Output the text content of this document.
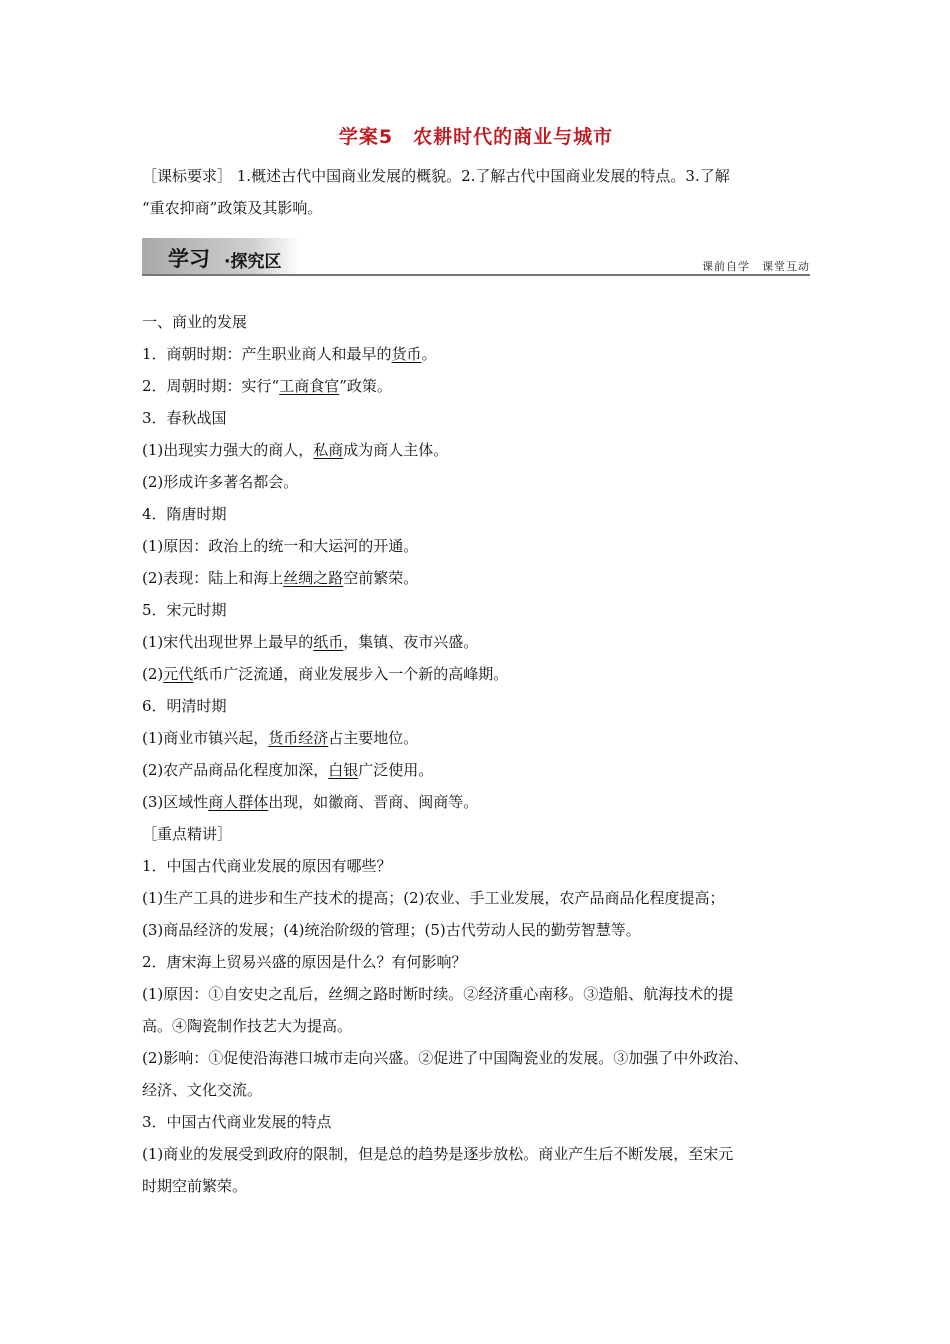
学案5　农耕时代的商业与城市
［课标要求］ 1.概述古代中国商业发展的概貌。2.了解古代中国商业发展的特点。3.了解
“重农抑商”政策及其影响。
学习 ·探究区	课前自学　课堂互动
一、商业的发展
1．商朝时期：产生职业商人和最早的货币。
2．周朝时期：实行“工商食官”政策。
3．春秋战国
(1)出现实力强大的商人，私商成为商人主体。
(2)形成许多著名都会。
4．隋唐时期
(1)原因：政治上的统一和大运河的开通。
(2)表现：陆上和海上丝绸之路空前繁荣。
5．宋元时期
(1)宋代出现世界上最早的纸币，集镇、夜市兴盛。
(2)元代纸币广泛流通，商业发展步入一个新的高峰期。
6．明清时期
(1)商业市镇兴起，货币经济占主要地位。
(2)农产品商品化程度加深，白银广泛使用。
(3)区域性商人群体出现，如徽商、晋商、闽商等。
［重点精讲］
1．中国古代商业发展的原因有哪些？
(1)生产工具的进步和生产技术的提高；(2)农业、手工业发展，农产品商品化程度提高；
(3)商品经济的发展；(4)统治阶级的管理；(5)古代劳动人民的勤劳智慧等。
2．唐宋海上贸易兴盛的原因是什么？有何影响？
(1)原因：①自安史之乱后，丝绸之路时断时续。②经济重心南移。③造船、航海技术的提
高。④陶瓷制作技艺大为提高。
(2)影响：①促使沿海港口城市走向兴盛。②促进了中国陶瓷业的发展。③加强了中外政治、
经济、文化交流。
3．中国古代商业发展的特点
(1)商业的发展受到政府的限制，但是总的趋势是逐步放松。商业产生后不断发展，至宋元
时期空前繁荣。
